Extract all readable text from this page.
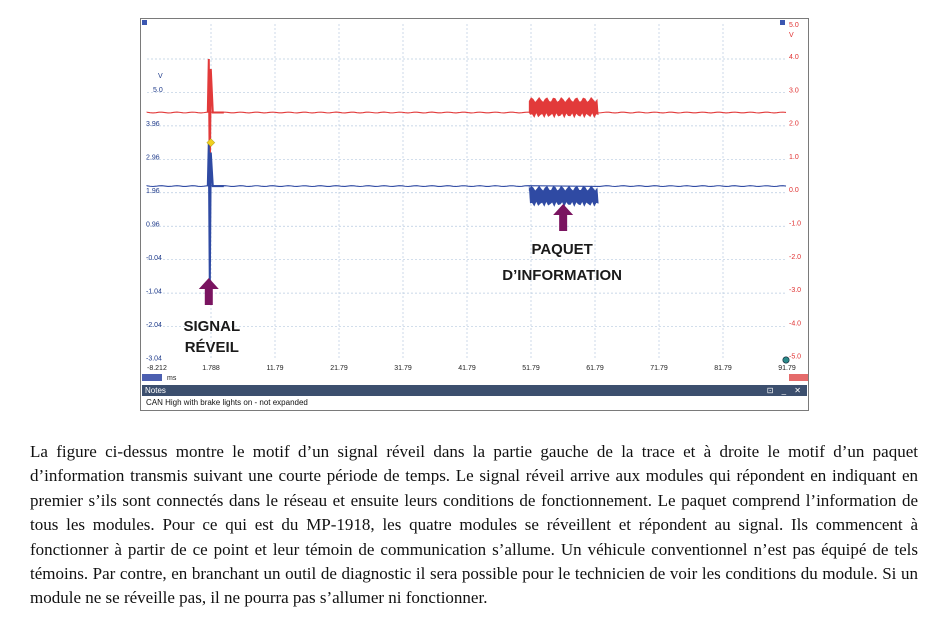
V
5.0
3.96
2.96
1.96
0.96
-0.04
-1.04
-2.04
-3.04
V
5.0
4.0
3.0
2.0
1.0
0.0
-1.0
-2.0
-3.0
-4.0
-5.0
-8.212	1.788	11.79	21.79	31.79	41.79	51.79	61.79	71.79	81.79	91.79
ms
SIGNAL
RÉVEIL
PAQUET
D’INFORMATION
Notes	⊡ _ ✕
CAN High with brake lights on - not expanded
La figure ci-dessus montre le motif d’un signal réveil dans la partie gauche de la trace et à droite le motif d’un paquet d’information transmis suivant une courte période de temps. Le signal réveil arrive aux modules qui répondent en indiquant en premier s’ils sont connectés dans le réseau et ensuite leurs conditions de fonctionnement. Le paquet comprend l’information de tous les modules. Pour ce qui est du MP-1918, les quatre modules se réveillent et répondent au signal. Ils commencent à fonctionner à partir de ce point et leur témoin de communication s’allume. Un véhicule conventionnel n’est pas équipé de tels témoins. Par contre, en branchant un outil de diagnostic il sera possible pour le technicien de voir les conditions du module. Si un module ne se réveille pas, il ne pourra pas s’allumer ni fonctionner.
